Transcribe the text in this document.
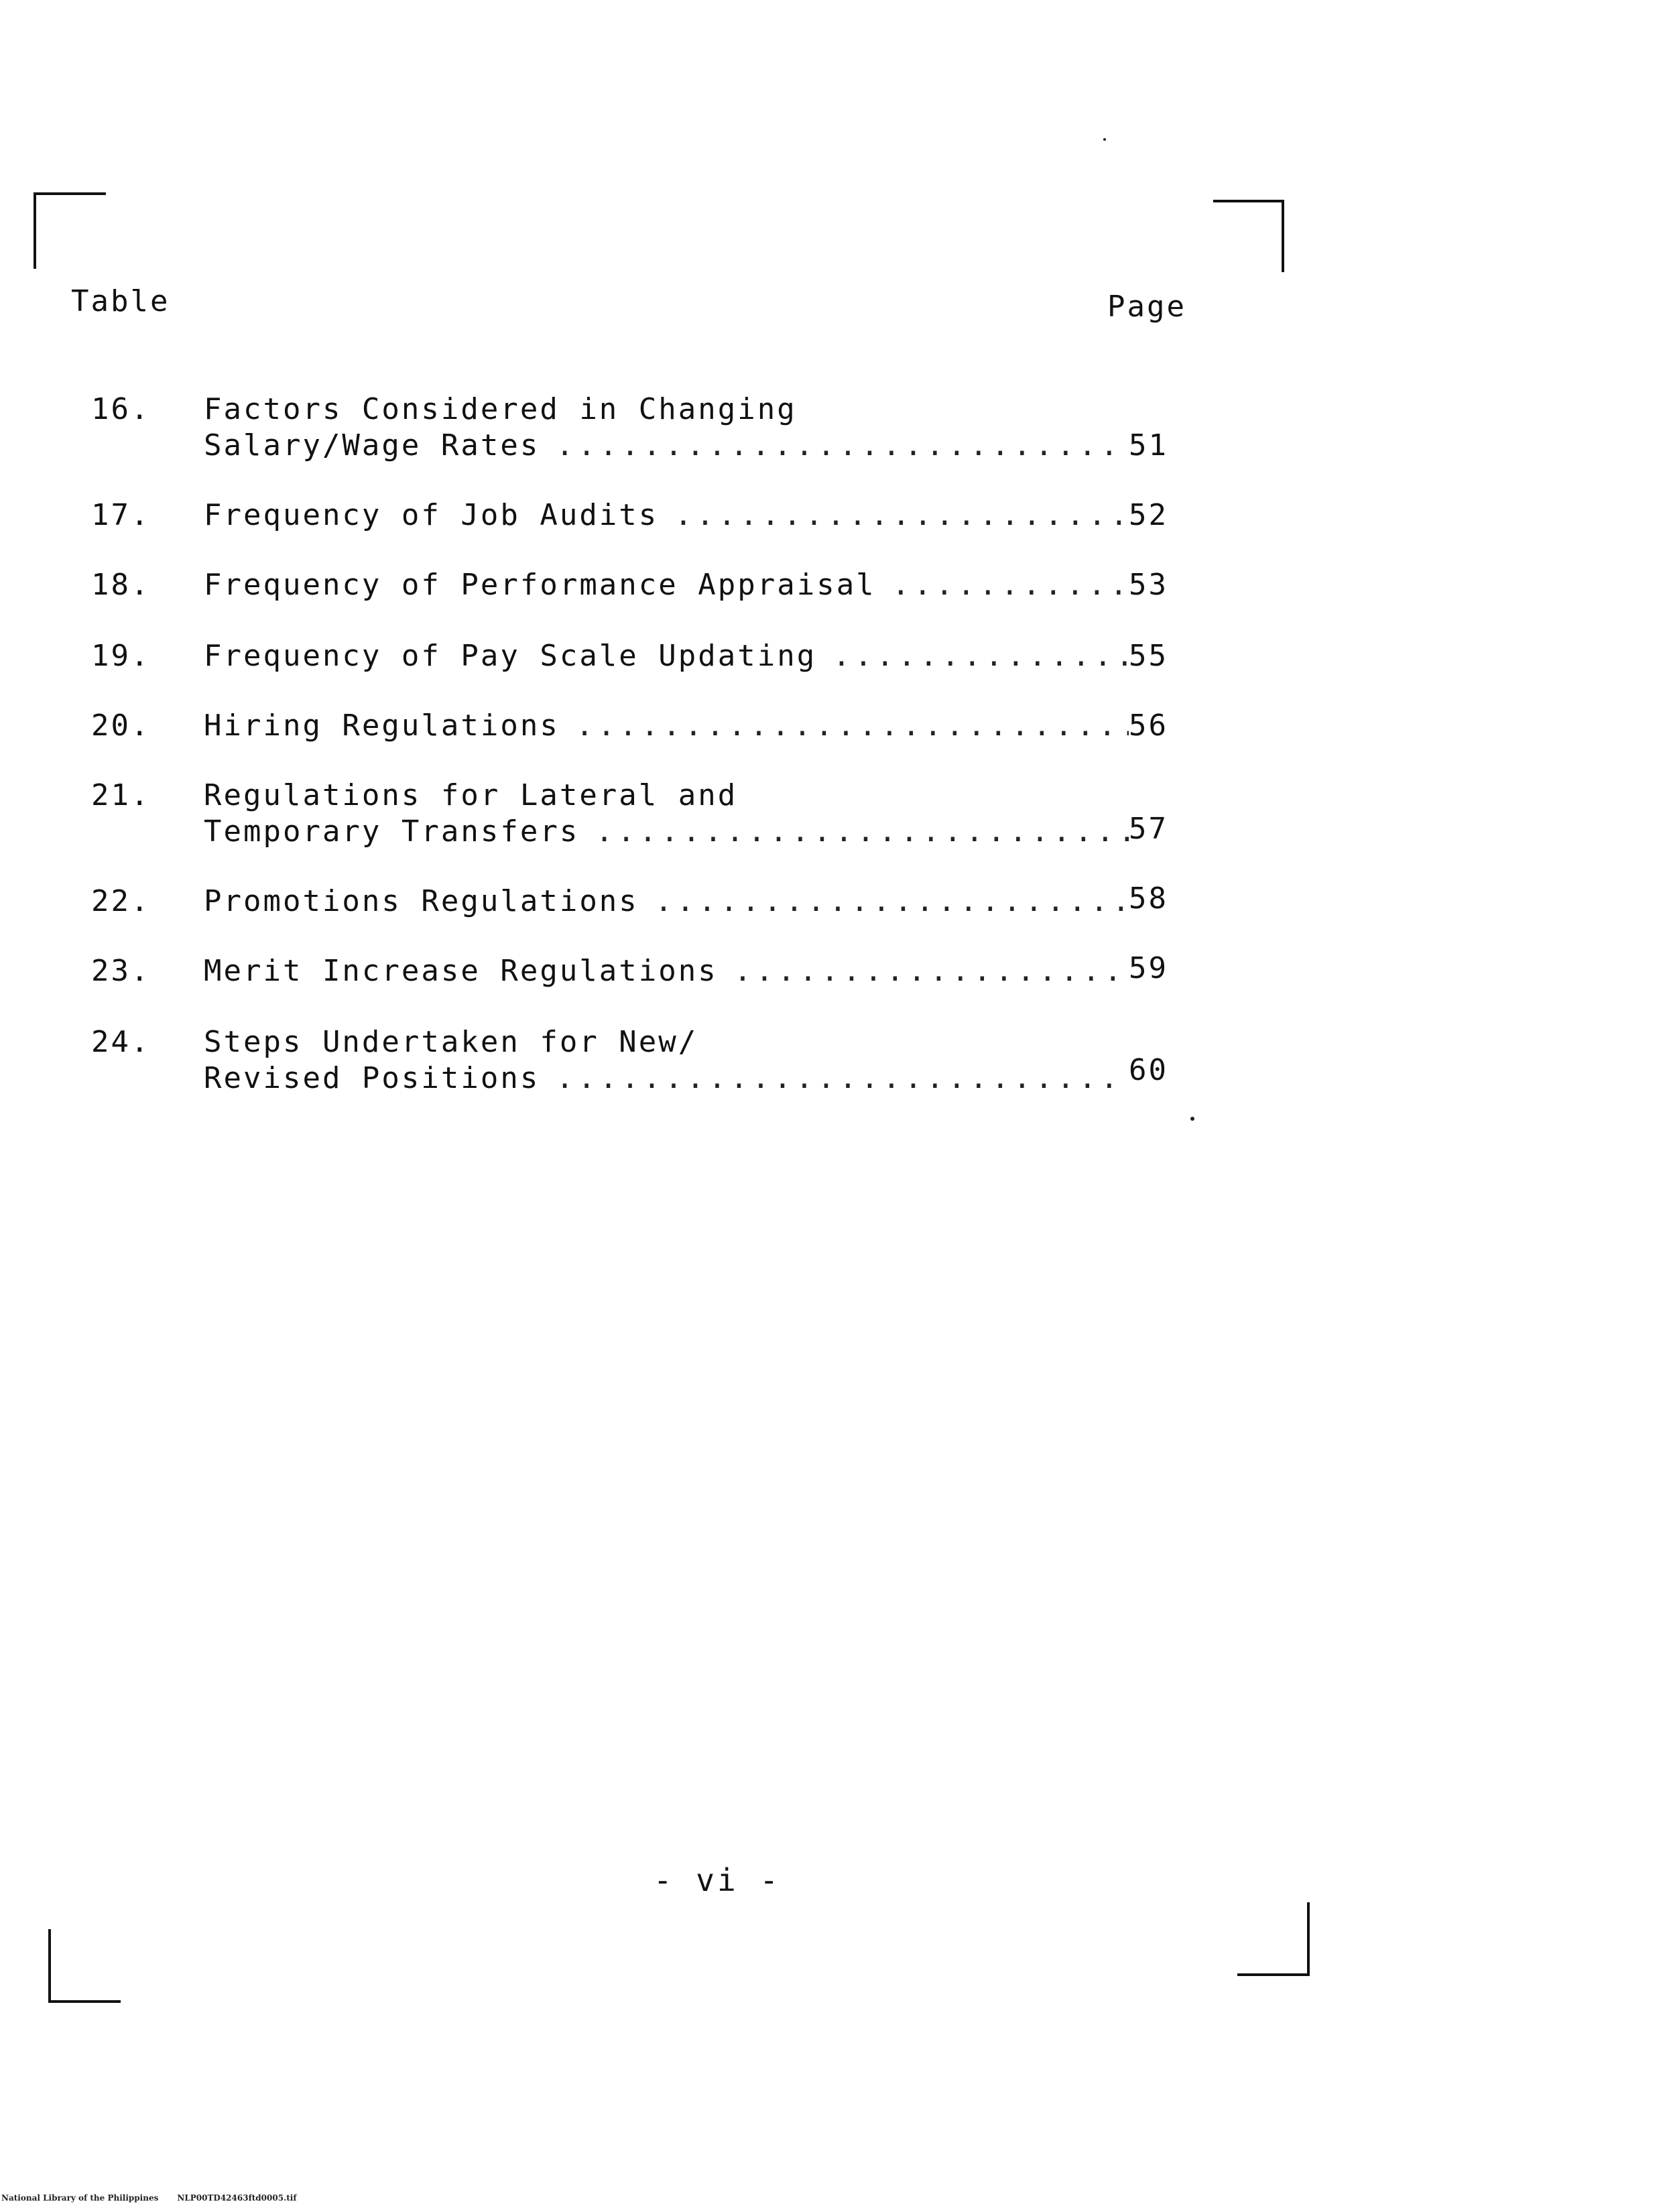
Table	Page
16.	Factors Considered in Changing
Salary/Wage Rates .....	51
17.	Frequency of Job Audits .....	52
18.	Frequency of Performance Appraisal .....	53
19.	Frequency of Pay Scale Updating .....	55
20.	Hiring Regulations .....	56
21.	Regulations for Lateral and
Temporary Transfers .....	57
22.	Promotions Regulations .....	58
23.	Merit Increase Regulations .....	59
24.	Steps Undertaken for New/
Revised Positions .....	60
- vi -
National Library of the Philippines NLP00TD42463ftd0005.tif
